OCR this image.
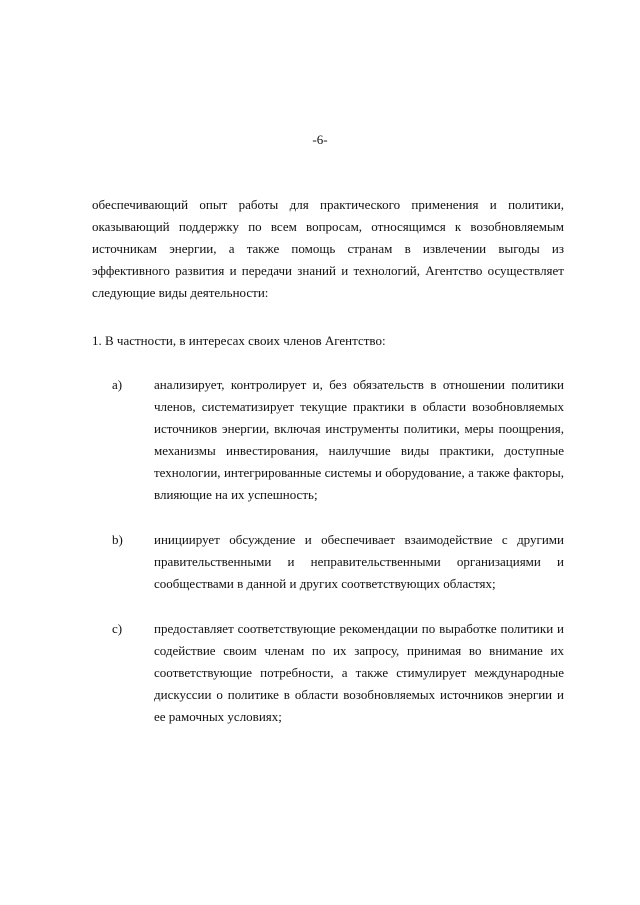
-6-
обеспечивающий опыт работы для практического применения и политики, оказывающий поддержку по всем вопросам, относящимся к возобновляемым источникам энергии, а также помощь странам в извлечении выгоды из эффективного развития и передачи знаний и технологий, Агентство осуществляет следующие виды деятельности:
1. В частности, в интересах своих членов Агентство:
а)	анализирует, контролирует и, без обязательств в отношении политики членов, систематизирует текущие практики в области возобновляемых источников энергии, включая инструменты политики, меры поощрения, механизмы инвестирования, наилучшие виды практики, доступные технологии, интегрированные системы и оборудование, а также факторы, влияющие на их успешность;
b)	инициирует обсуждение и обеспечивает взаимодействие с другими правительственными и неправительственными организациями и сообществами в данной и других соответствующих областях;
с)	предоставляет соответствующие рекомендации по выработке политики и содействие своим членам по их запросу, принимая во внимание их соответствующие потребности, а также стимулирует международные дискуссии о политике в области возобновляемых источников энергии и ее рамочных условиях;
